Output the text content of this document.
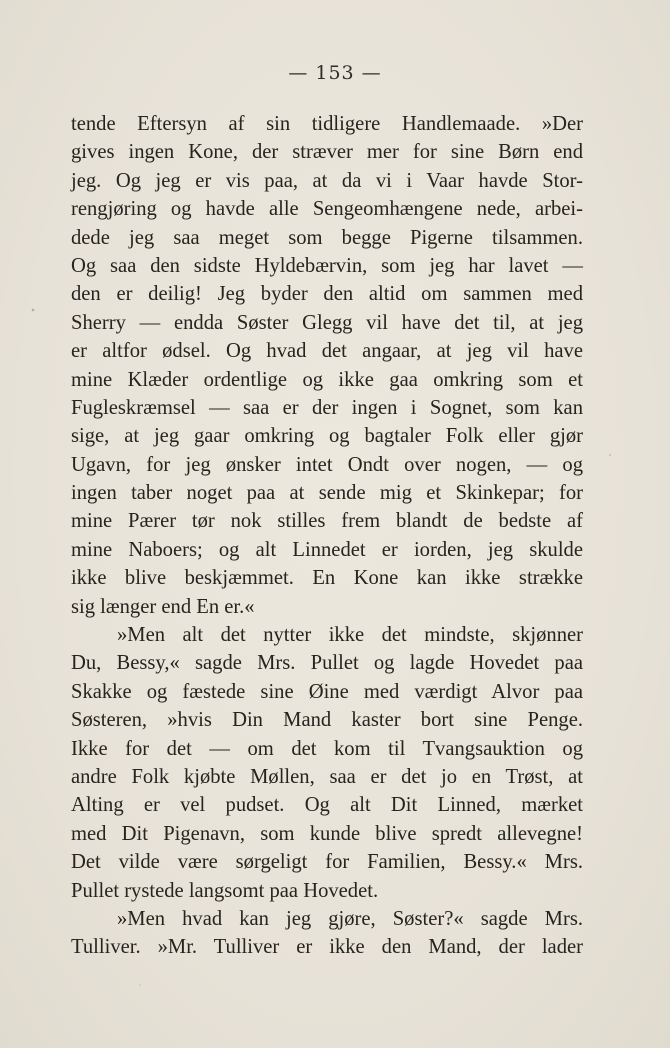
— 153 —
tende Eftersyn af sin tidligere Handlemaade. »Der
gives ingen Kone, der stræver mer for sine Børn end
jeg. Og jeg er vis paa, at da vi i Vaar havde Stor-
rengjøring og havde alle Sengeomhængene nede, arbei-
dede jeg saa meget som begge Pigerne tilsammen.
Og saa den sidste Hyldebærvin, som jeg har lavet —
den er deilig! Jeg byder den altid om sammen med
Sherry — endda Søster Glegg vil have det til, at jeg
er altfor ødsel. Og hvad det angaar, at jeg vil have
mine Klæder ordentlige og ikke gaa omkring som et
Fugleskræmsel — saa er der ingen i Sognet, som kan
sige, at jeg gaar omkring og bagtaler Folk eller gjør
Ugavn, for jeg ønsker intet Ondt over nogen, — og
ingen taber noget paa at sende mig et Skinkepar; for
mine Pærer tør nok stilles frem blandt de bedste af
mine Naboers; og alt Linnedet er iorden, jeg skulde
ikke blive beskjæmmet. En Kone kan ikke strække
sig længer end En er.«
»Men alt det nytter ikke det mindste, skjønner
Du, Bessy,« sagde Mrs. Pullet og lagde Hovedet paa
Skakke og fæstede sine Øine med værdigt Alvor paa
Søsteren, »hvis Din Mand kaster bort sine Penge.
Ikke for det — om det kom til Tvangsauktion og
andre Folk kjøbte Møllen, saa er det jo en Trøst, at
Alting er vel pudset. Og alt Dit Linned, mærket
med Dit Pigenavn, som kunde blive spredt allevegne!
Det vilde være sørgeligt for Familien, Bessy.« Mrs.
Pullet rystede langsomt paa Hovedet.
»Men hvad kan jeg gjøre, Søster?« sagde Mrs.
Tulliver. »Mr. Tulliver er ikke den Mand, der lader
